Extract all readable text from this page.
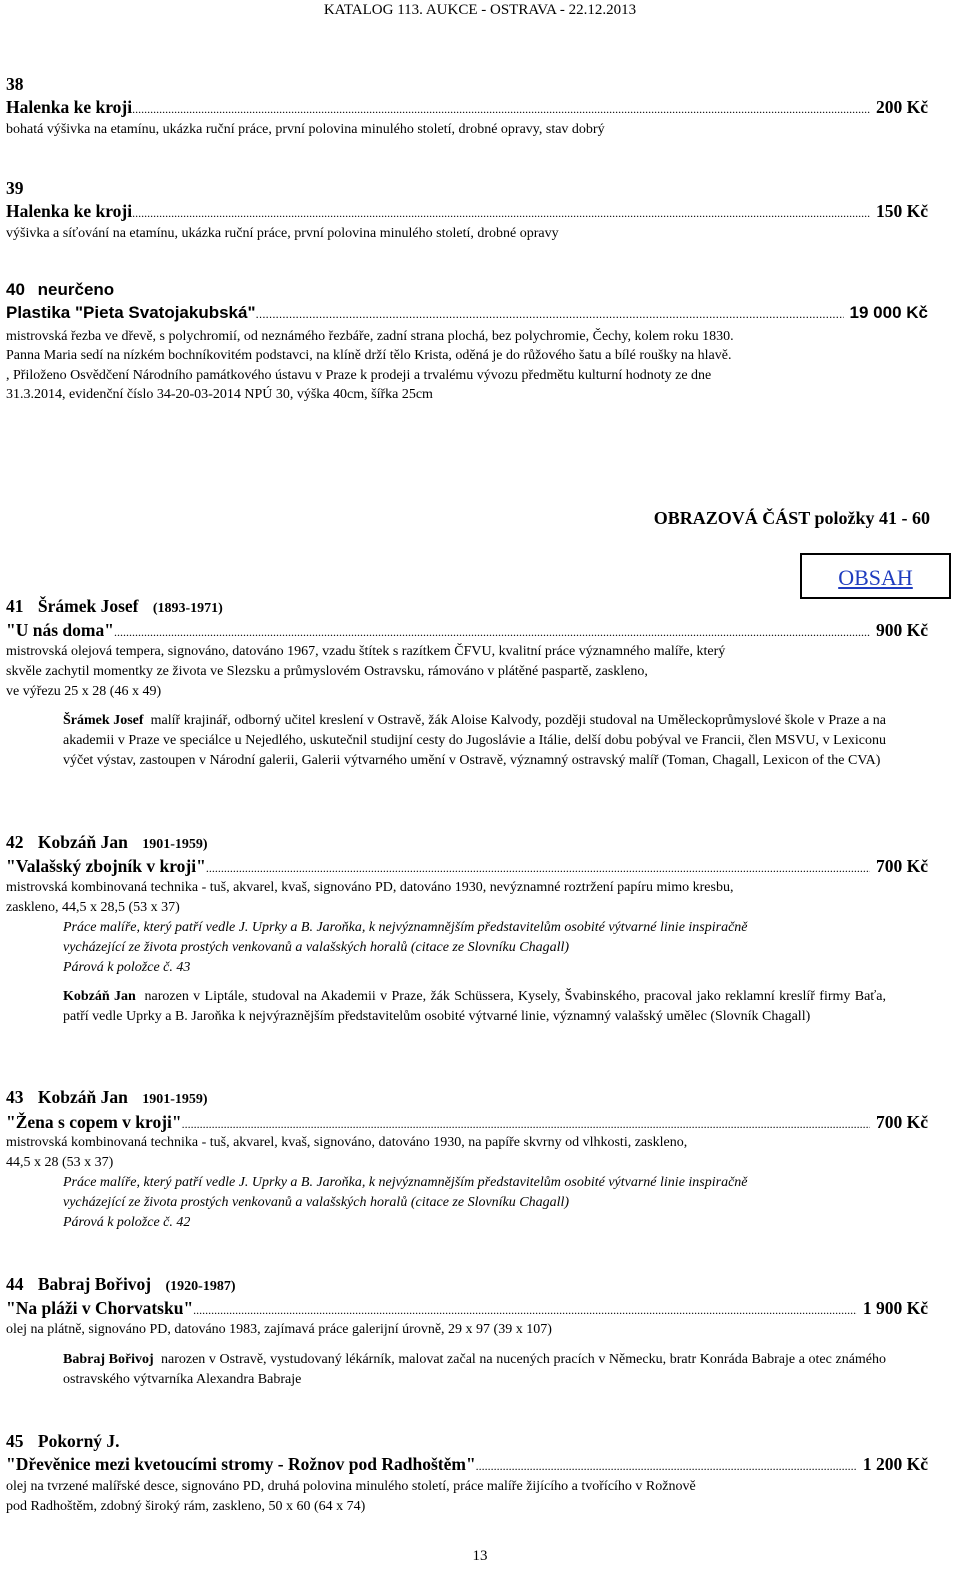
KATALOG 113. AUKCE - OSTRAVA - 22.12.2013
38
Halenka ke kroji .....	200 Kč
bohatá výšivka na etamínu, ukázka ruční práce, první polovina minulého století, drobné opravy, stav dobrý
39
Halenka ke kroji .....	150 Kč
výšivka a síťování na etamínu, ukázka ruční práce, první polovina minulého století, drobné opravy
40 neurčeno
Plastika "Pieta Svatojakubská" .....	19 000 Kč
mistrovská řezba ve dřevě, s polychromií, od neznámého řezbáře, zadní strana plochá, bez polychromie, Čechy, kolem roku 1830.
Panna Maria sedí na nízkém bochníkovitém podstavci, na klíně drží tělo Krista, oděná je do růžového šatu a bílé roušky na hlavě.
, Přiloženo Osvědčení Národního památkového ústavu v Praze k prodeji a trvalému vývozu předmětu kulturní hodnoty ze dne
31.3.2014, evidenční číslo 34-20-03-2014 NPÚ 30, výška 40cm, šířka 25cm
OBRAZOVÁ ČÁST položky 41 - 60
OBSAH
41 Šrámek Josef (1893-1971)
"U nás doma" .....	900 Kč
mistrovská olejová tempera, signováno, datováno 1967, vzadu štítek s razítkem ČFVU, kvalitní práce významného malíře, který
skvěle zachytil momentky ze života ve Slezsku a průmyslovém Ostravsku, rámováno v plátěné paspartě, zaskleno,
ve výřezu 25 x 28 (46 x 49)
Šrámek Josef malíř krajinář, odborný učitel kreslení v Ostravě, žák Aloise Kalvody, později studoval na Uměleckoprůmyslové škole v Praze a na akademii v Praze ve speciálce u Nejedlého, uskutečnil studijní cesty do Jugoslávie a Itálie, delší dobu pobýval ve Francii, člen MSVU, v Lexiconu výčet výstav, zastoupen v Národní galerii, Galerii výtvarného umění v Ostravě, významný ostravský malíř (Toman, Chagall, Lexicon of the CVA)
42 Kobzáň Jan 1901-1959)
"Valašský zbojník v kroji" .....	700 Kč
mistrovská kombinovaná technika - tuš, akvarel, kvaš, signováno PD, datováno 1930, nevýznamné roztržení papíru mimo kresbu,
zaskleno, 44,5 x 28,5 (53 x 37)
Práce malíře, který patří vedle J. Uprky a B. Jaroňka, k nejvýznamnějším představitelům osobité výtvarné linie inspiračně
vycházející ze života prostých venkovanů a valašských horalů (citace ze Slovníku Chagall)
Párová k položce č. 43
Kobzáň Jan narozen v Liptále, studoval na Akademii v Praze, žák Schüssera, Kysely, Švabinského, pracoval jako reklamní kreslíř firmy Baťa, patří vedle Uprky a B. Jaroňka k nejvýraznějším představitelům osobité výtvarné linie, významný valašský umělec (Slovník Chagall)
43 Kobzáň Jan 1901-1959)
"Žena s copem v kroji" .....	700 Kč
mistrovská kombinovaná technika - tuš, akvarel, kvaš, signováno, datováno 1930, na papíře skvrny od vlhkosti, zaskleno,
44,5 x 28 (53 x 37)
Práce malíře, který patří vedle J. Uprky a B. Jaroňka, k nejvýznamnějším představitelům osobité výtvarné linie inspiračně
vycházející ze života prostých venkovanů a valašských horalů (citace ze Slovníku Chagall)
Párová k položce č. 42
44 Babraj Bořivoj (1920-1987)
"Na pláži v Chorvatsku" .....	1 900 Kč
olej na plátně, signováno PD, datováno 1983, zajímavá práce galerijní úrovně, 29 x 97 (39 x 107)
Babraj Bořivoj narozen v Ostravě, vystudovaný lékárník, malovat začal na nucených pracích v Německu, bratr Konráda Babraje a otec známého ostravského výtvarníka Alexandra Babraje
45 Pokorný J.
"Dřevěnice mezi kvetoucími stromy - Rožnov pod Radhoštěm" .....	1 200 Kč
olej na tvrzené malířské desce, signováno PD, druhá polovina minulého století, práce malíře žijícího a tvořícího v Rožnově
pod Radhoštěm, zdobný široký rám, zaskleno, 50 x 60 (64 x 74)
13
